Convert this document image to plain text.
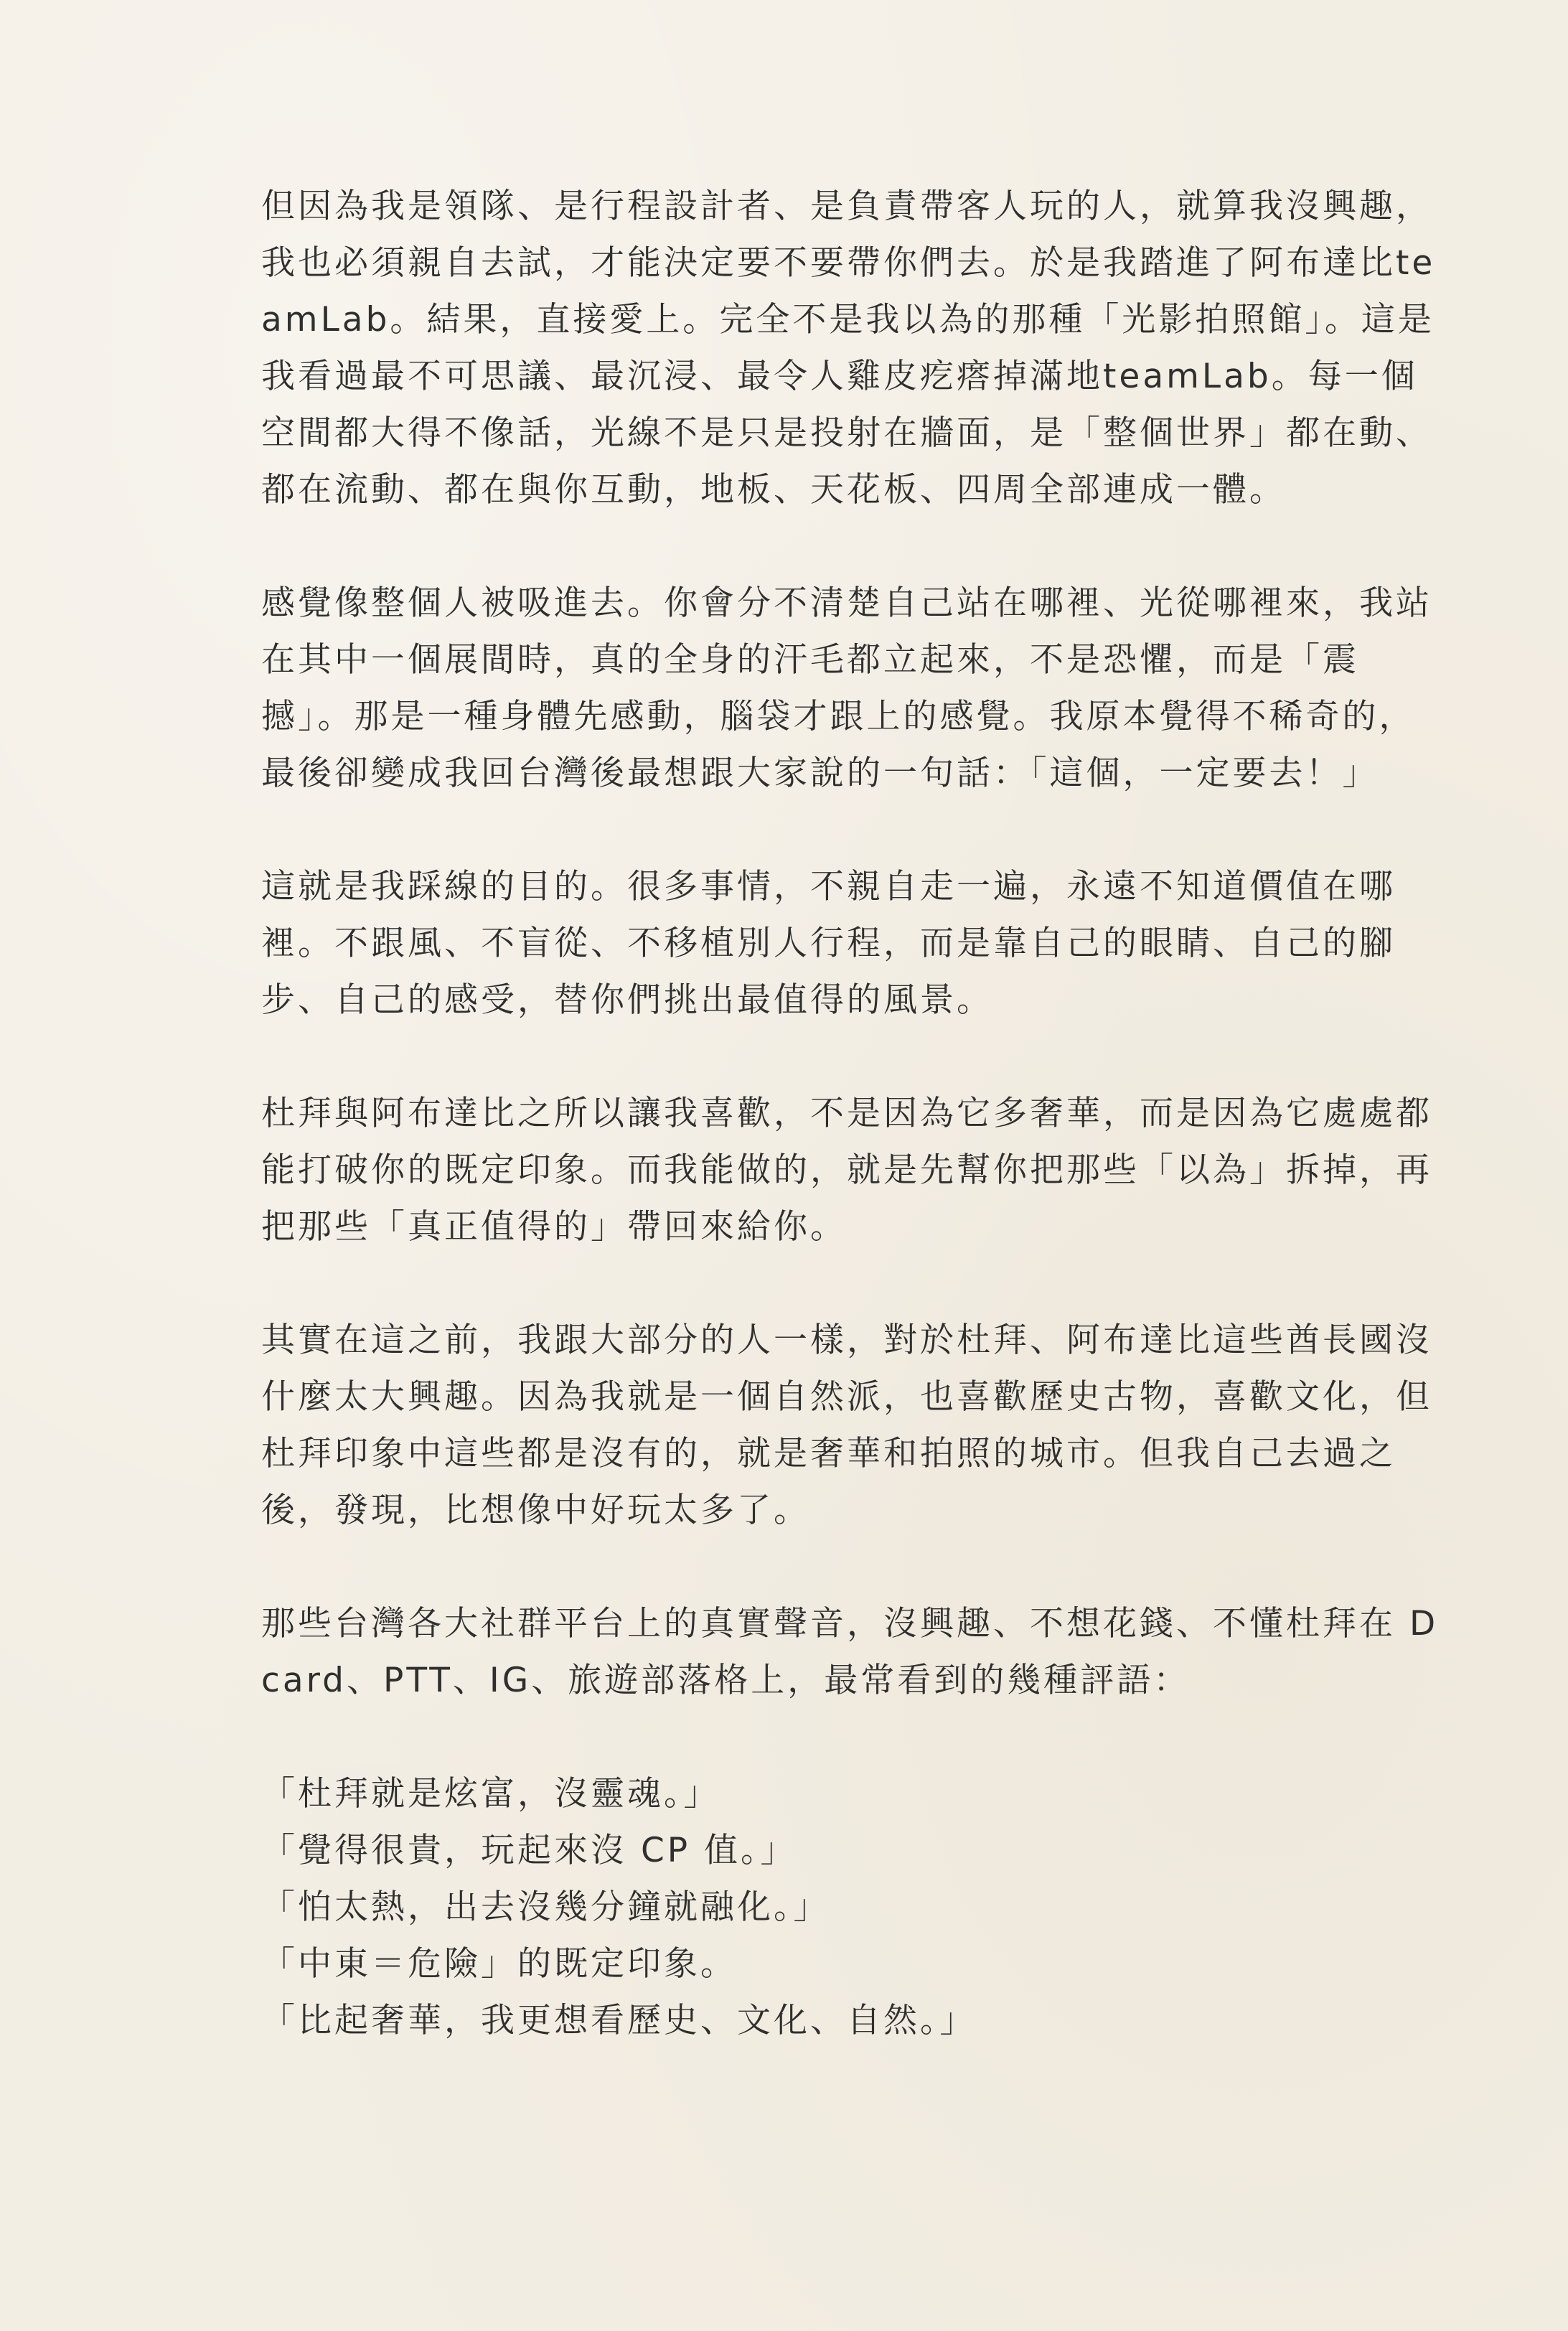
但因為我是領隊、是行程設計者、是負責帶客人玩的人，就算我沒興趣，我也必須親自去試，才能決定要不要帶你們去。於是我踏進了阿布達比teamLab。結果，直接愛上。完全不是我以為的那種「光影拍照館」。這是我看過最不可思議、最沉浸、最令人雞皮疙瘩掉滿地teamLab。每一個空間都大得不像話，光線不是只是投射在牆面，是「整個世界」都在動、都在流動、都在與你互動，地板、天花板、四周全部連成一體。

感覺像整個人被吸進去。你會分不清楚自己站在哪裡、光從哪裡來，我站在其中一個展間時，真的全身的汗毛都立起來，不是恐懼，而是「震撼」。那是一種身體先感動，腦袋才跟上的感覺。我原本覺得不稀奇的，最後卻變成我回台灣後最想跟大家說的一句話：「這個，一定要去！」

這就是我踩線的目的。很多事情，不親自走一遍，永遠不知道價值在哪裡。不跟風、不盲從、不移植別人行程，而是靠自己的眼睛、自己的腳步、自己的感受，替你們挑出最值得的風景。

杜拜與阿布達比之所以讓我喜歡，不是因為它多奢華，而是因為它處處都能打破你的既定印象。而我能做的，就是先幫你把那些「以為」拆掉，再把那些「真正值得的」帶回來給你。

其實在這之前，我跟大部分的人一樣，對於杜拜、阿布達比這些酋長國沒什麼太大興趣。因為我就是一個自然派，也喜歡歷史古物，喜歡文化，但杜拜印象中這些都是沒有的，就是奢華和拍照的城市。但我自己去過之後，發現，比想像中好玩太多了。

那些台灣各大社群平台上的真實聲音，沒興趣、不想花錢、不懂杜拜在 Dcard、PTT、IG、旅遊部落格上，最常看到的幾種評語：

「杜拜就是炫富，沒靈魂。」
「覺得很貴，玩起來沒 CP 值。」
「怕太熱，出去沒幾分鐘就融化。」
「中東＝危險」的既定印象。
「比起奢華，我更想看歷史、文化、自然。」
